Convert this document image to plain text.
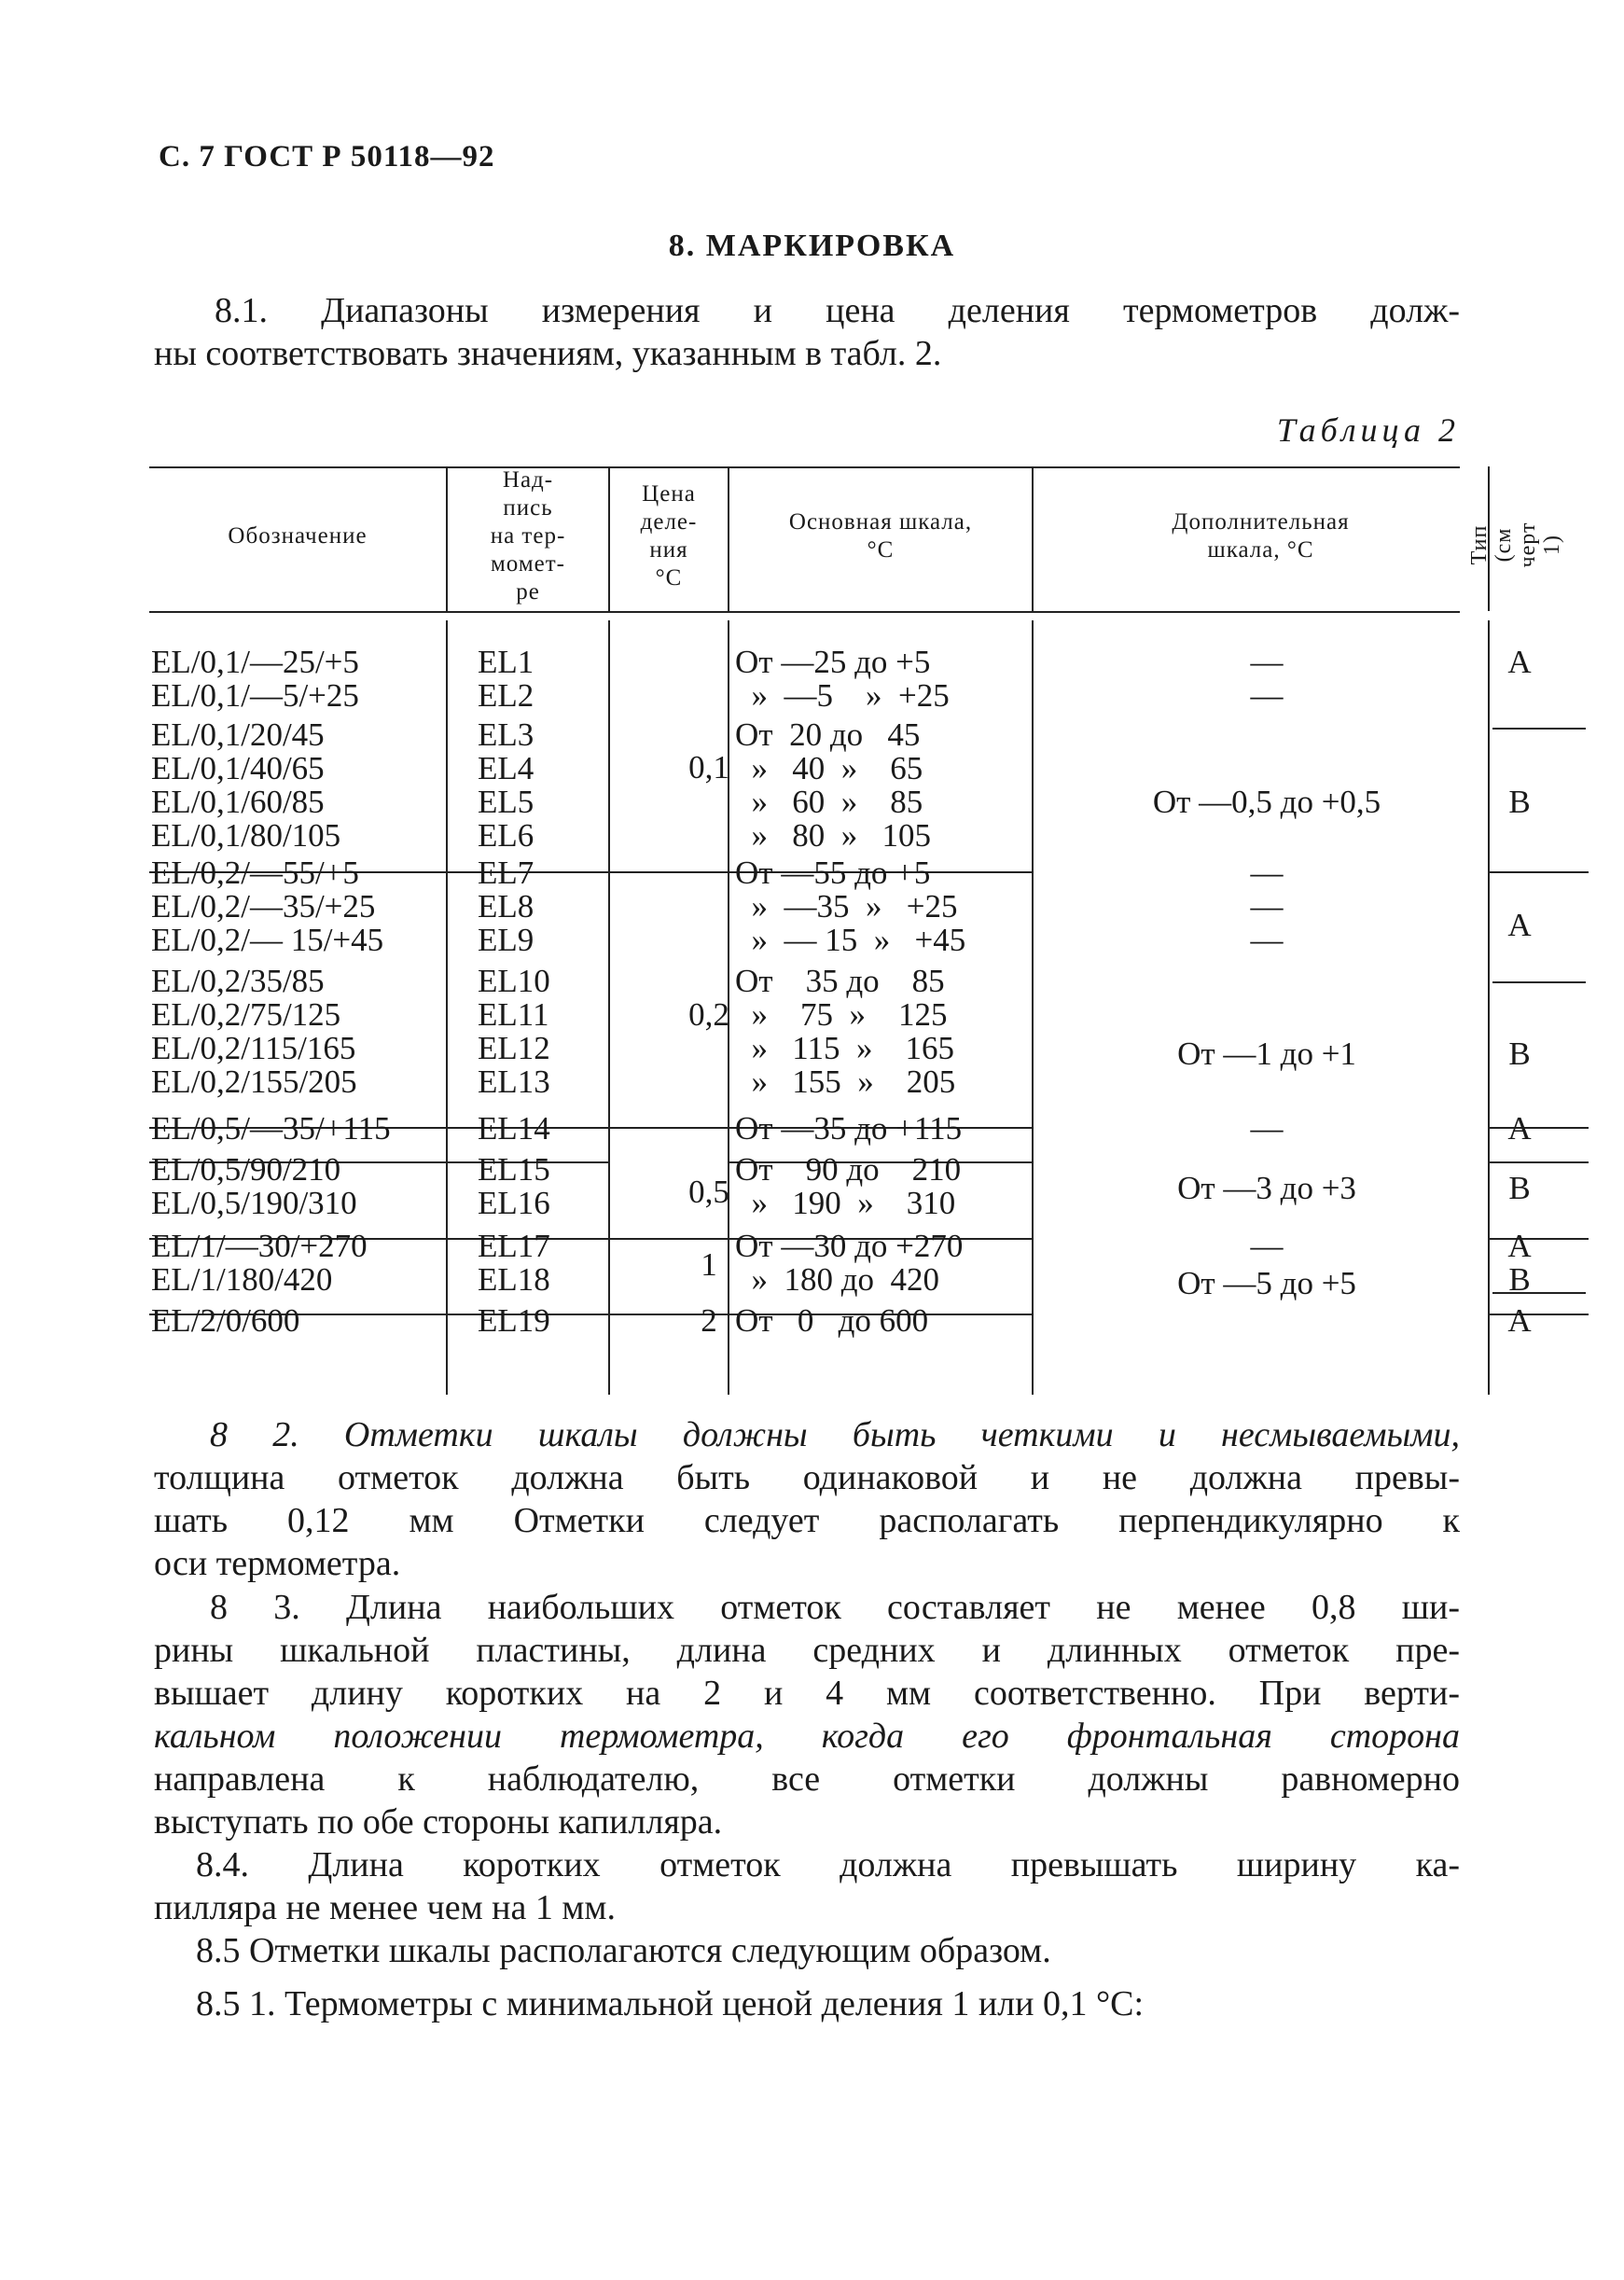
С. 7 ГОСТ Р 50118—92
8. МАРКИРОВКА
8.1. Диапазоны измерения и цена деления термометров долж-
ны соответствовать значениям, указанным в табл. 2.
Таблица 2
Обозначение
Над-
пись
на тер-
момет-
ре
Цена
деле-
ния
°С
Основная шкала,
°С
Дополнительная
шкала, °С	Тип (см
черт 1)
EL/0,1/—25/+5
EL/0,1/—5/+25
EL/0,1/20/45
EL/0,1/40/65
EL/0,1/60/85
EL/0,1/80/105
EL/0,2/—55/+5
EL/0,2/—35/+25
EL/0,2/— 15/+45
EL/0,2/35/85
EL/0,2/75/125
EL/0,2/115/165
EL/0,2/155/205
EL/0,5/—35/+115
EL/0,5/90/210
EL/0,5/190/310
EL/1/—30/+270
EL/1/180/420
EL/2/0/600
EL1
EL2
EL3
EL4
EL5
EL6
EL7
EL8
EL9
EL10
EL11
EL12
EL13
EL14
EL15
EL16
EL17
EL18
EL19
0,1
0,2
0,5
1
2
От —25 до +5
»  —5    »  +25
От  20 до   45
»   40  »    65
»   60  »    85
»   80  »   105
От —55 до +5
»  —35  »   +25
»  — 15  »   +45
От    35 до    85
»    75  »    125
»   115  »    165
»   155  »    205
От —35 до +115
От    90 до    210
»   190  »    310
От —30 до +270
»  180 до  420
От   0   до 600
—
—
От —0,5 до +0,5
—
—
—
От —1 до +1
—
От —3 до +3
—
От —5 до +5
А
В
А
В
А
В
А
В
А
8 2. Отметки шкалы должны быть четкими и несмываемыми,
толщина отметок должна быть одинаковой и не должна превы-
шать 0,12 мм Отметки следует располагать перпендикулярно к
оси термометра.
8 3. Длина наибольших отметок составляет не менее 0,8 ши-
рины шкальной пластины, длина средних и длинных отметок пре-
вышает длину коротких на 2 и 4 мм соответственно. При верти-
кальном положении термометра, когда его фронтальная сторона
направлена к наблюдателю, все отметки должны равномерно
выступать по обе стороны капилляра.
8.4. Длина коротких отметок должна превышать ширину ка-
пилляра не менее чем на 1 мм.
8.5 Отметки шкалы располагаются следующим образом.
8.5 1. Термометры с минимальной ценой деления 1 или 0,1 °С:
